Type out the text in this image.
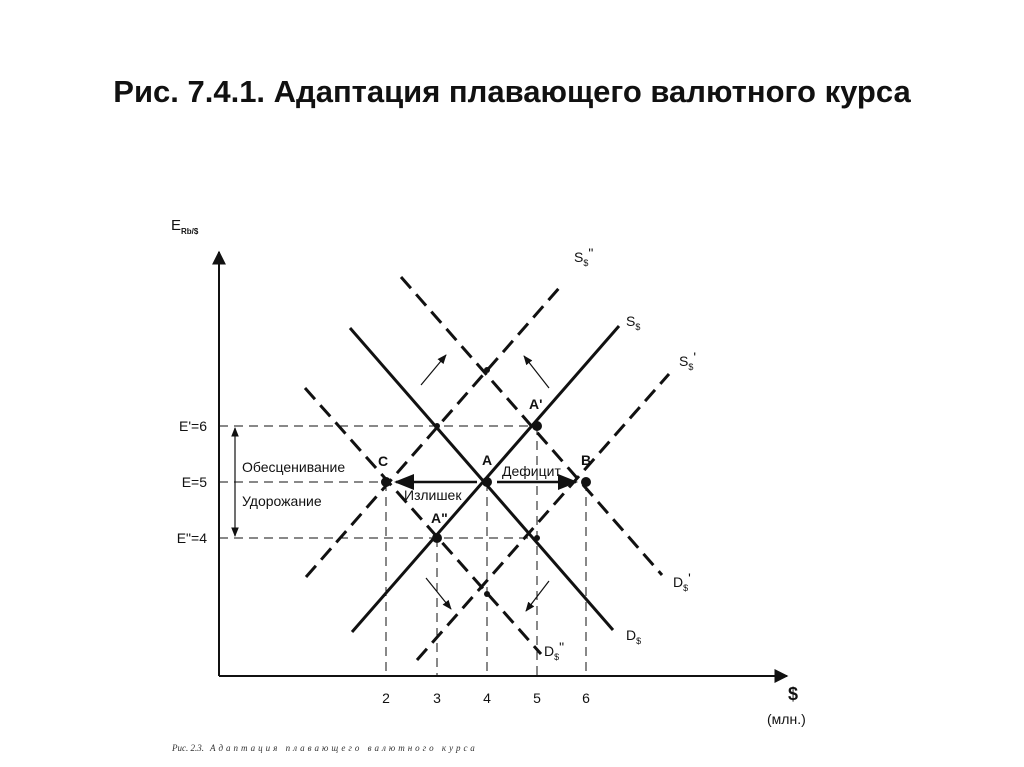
Рис. 7.4.1. Адаптация плавающего валютного курса
$E_{Rb/\$}$
$
(млн.)
2	3	4	5	6
E'=6
E=5
E"=4
A
A'
A"
B
C
Обесценивание
Удорожание	Излишек
Дефицит
$S_{\$}$"
$S_{\$}$
$S_{\$}'$
$D_{\$}'$
$D_{\$}$
$D_{\$}$"
Рис. 2.3. Адаптация плавающего валютного курса
